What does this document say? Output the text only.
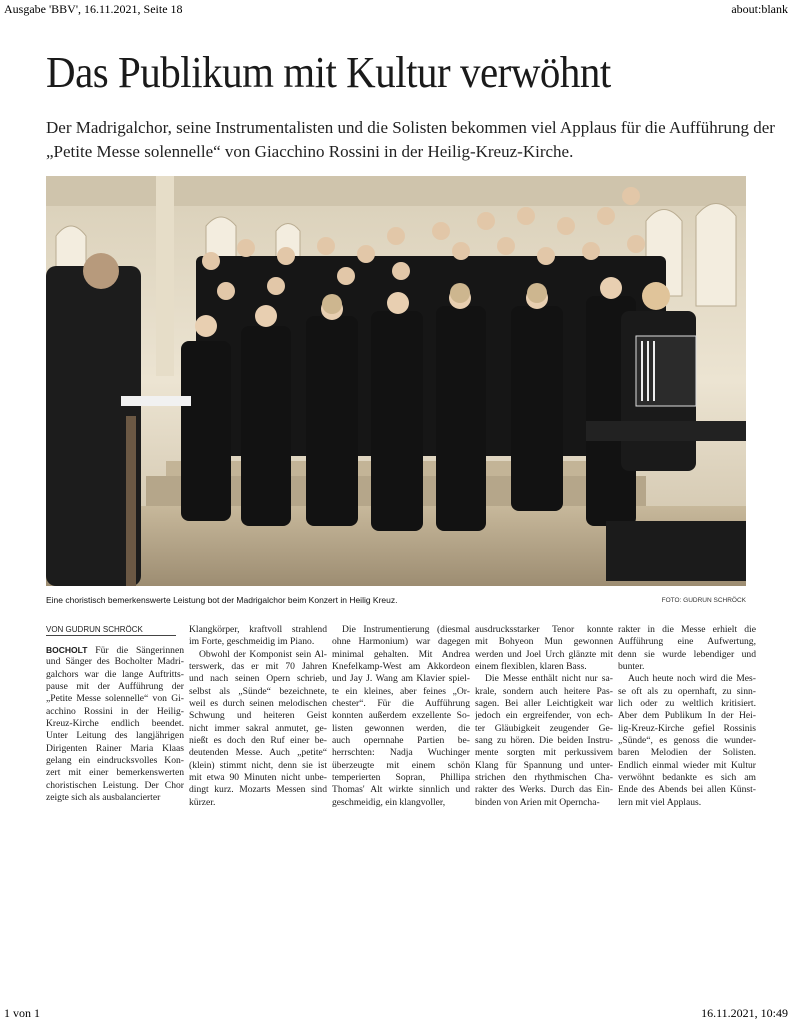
Ausgabe 'BBV', 16.11.2021, Seite 18	about:blank
Das Publikum mit Kultur verwöhnt
Der Madrigalchor, seine Instrumentalisten und die Solisten bekommen viel Applaus für die Aufführung der
„Petite Messe solennelle“ von Giacchino Rossini in der Heilig-Kreuz-Kirche.
Eine choristisch bemerkenswerte Leistung bot der Madrigalchor beim Konzert in Heilig Kreuz.	FOTO: GUDRUN SCHRÖCK
VON GUDRUN SCHRÖCK
BOCHOLT Für die Sängerinnen
und Sänger des Bocholter Madri-
galchors war die lange Auftritts-
pause mit der Aufführung der
„Petite Messe solennelle“ von Gi-
acchino Rossini in der Heilig-
Kreuz-Kirche endlich beendet.
Unter Leitung des langjährigen
Dirigenten Rainer Maria Klaas
gelang ein eindrucksvolles Kon-
zert mit einer bemerkenswerten
choristischen Leistung. Der Chor
zeigte sich als ausbalancierter
Klangkörper, kraftvoll strahlend
im Forte, geschmeidig im Piano.
Obwohl der Komponist sein Al-
terswerk, das er mit 70 Jahren
und nach seinen Opern schrieb,
selbst als „Sünde“ bezeichnete,
weil es durch seinen melodischen
Schwung und heiteren Geist
nicht immer sakral anmutet, ge-
nießt es doch den Ruf einer be-
deutenden Messe. Auch „petite“
(klein) stimmt nicht, denn sie ist
mit etwa 90 Minuten nicht unbe-
dingt kurz. Mozarts Messen sind
kürzer.
Die Instrumentierung (diesmal
ohne Harmonium) war dagegen
minimal gehalten. Mit Andrea
Knefelkamp-West am Akkordeon
und Jay J. Wang am Klavier spiel-
te ein kleines, aber feines „Or-
chester“. Für die Aufführung
konnten außerdem exzellente So-
listen gewonnen werden, die
auch opernnahe Partien be-
herrschten: Nadja Wuchinger
überzeugte mit einem schön
temperierten Sopran, Phillipa
Thomas' Alt wirkte sinnlich und
geschmeidig, ein klangvoller,
ausdrucksstarker Tenor konnte
mit Bohyeon Mun gewonnen
werden und Joel Urch glänzte mit
einem flexiblen, klaren Bass.
Die Messe enthält nicht nur sa-
krale, sondern auch heitere Pas-
sagen. Bei aller Leichtigkeit war
jedoch ein ergreifender, von ech-
ter Gläubigkeit zeugender Ge-
sang zu hören. Die beiden Instru-
mente sorgten mit perkussivem
Klang für Spannung und unter-
strichen den rhythmischen Cha-
rakter des Werks. Durch das Ein-
binden von Arien mit Operncha-
rakter in die Messe erhielt die
Aufführung eine Aufwertung,
denn sie wurde lebendiger und
bunter.
Auch heute noch wird die Mes-
se oft als zu opernhaft, zu sinn-
lich oder zu weltlich kritisiert.
Aber dem Publikum In der Hei-
lig-Kreuz-Kirche gefiel Rossinis
„Sünde“, es genoss die wunder-
baren Melodien der Solisten.
Endlich einmal wieder mit Kultur
verwöhnt bedankte es sich am
Ende des Abends bei allen Künst-
lern mit viel Applaus.
1 von 1	16.11.2021, 10:49
